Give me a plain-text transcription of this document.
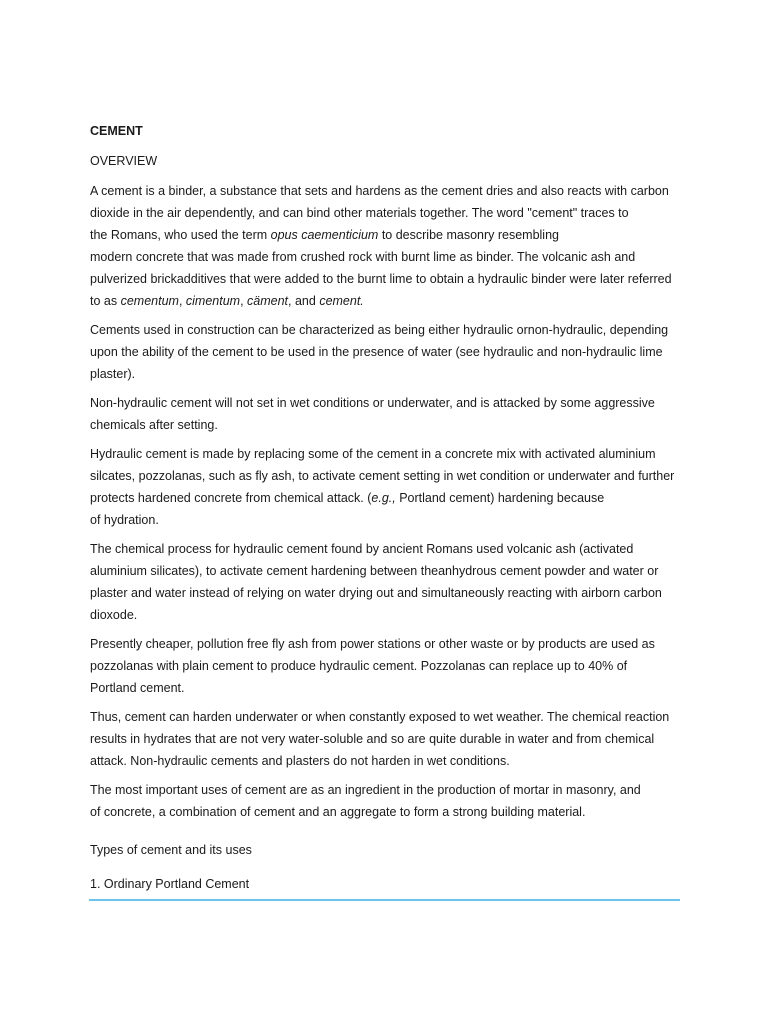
CEMENT
OVERVIEW
A cement is a binder, a substance that sets and hardens as the cement dries and also reacts with carbon
dioxide in the air dependently, and can bind other materials together. The word "cement" traces to
the Romans, who used the term opus caementicium to describe masonry resembling
modern concrete that was made from crushed rock with burnt lime as binder. The volcanic ash and
pulverized brickadditives that were added to the burnt lime to obtain a hydraulic binder were later referred
to as cementum, cimentum, cäment, and cement.
Cements used in construction can be characterized as being either hydraulic ornon-hydraulic, depending
upon the ability of the cement to be used in the presence of water (see hydraulic and non-hydraulic lime
plaster).
Non-hydraulic cement will not set in wet conditions or underwater, and is attacked by some aggressive
chemicals after setting.
Hydraulic cement is made by replacing some of the cement in a concrete mix with activated aluminium
silcates, pozzolanas, such as fly ash, to activate cement setting in wet condition or underwater and further
protects hardened concrete from chemical attack. (e.g., Portland cement) hardening because
of hydration.
The chemical process for hydraulic cement found by ancient Romans used volcanic ash (activated
aluminium silicates), to activate cement hardening between theanhydrous cement powder and water or
plaster and water instead of relying on water drying out and simultaneously reacting with airborn carbon
dioxode.
Presently cheaper, pollution free fly ash from power stations or other waste or by products are used as
pozzolanas with plain cement to produce hydraulic cement. Pozzolanas can replace up to 40% of
Portland cement.
Thus, cement can harden underwater or when constantly exposed to wet weather. The chemical reaction
results in hydrates that are not very water-soluble and so are quite durable in water and from chemical
attack. Non-hydraulic cements and plasters do not harden in wet conditions.
The most important uses of cement are as an ingredient in the production of mortar in masonry, and
of concrete, a combination of cement and an aggregate to form a strong building material.
Types of cement and its uses
1. Ordinary Portland Cement
